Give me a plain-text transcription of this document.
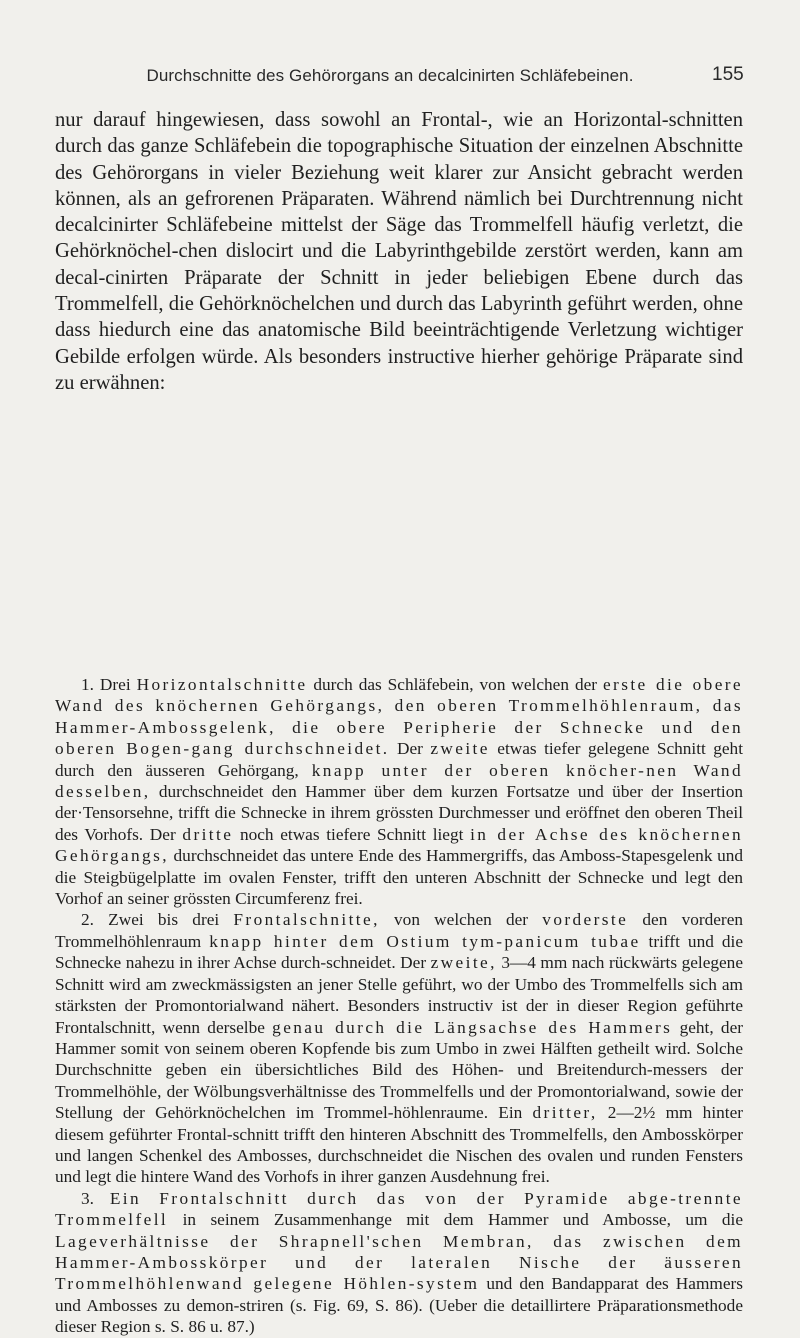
Durchschnitte des Gehörorgans an decalcinirten Schläfebeinen.	155

nur darauf hingewiesen, dass sowohl an Frontal-, wie an Horizontal-schnitten durch das ganze Schläfebein die topographische Situation der einzelnen Abschnitte des Gehörorgans in vieler Beziehung weit klarer zur Ansicht gebracht werden können, als an gefrorenen Präparaten. Während nämlich bei Durchtrennung nicht decalcinirter Schläfebeine mittelst der Säge das Trommelfell häufig verletzt, die Gehörknöchel-chen dislocirt und die Labyrinthgebilde zerstört werden, kann am decal-cinirten Präparate der Schnitt in jeder beliebigen Ebene durch das Trommelfell, die Gehörknöchelchen und durch das Labyrinth geführt werden, ohne dass hiedurch eine das anatomische Bild beeinträchtigende Verletzung wichtiger Gebilde erfolgen würde. Als besonders instructive hierher gehörige Präparate sind zu erwähnen:

1. Drei Horizontalschnitte durch das Schläfebein, von welchen der erste die obere Wand des knöchernen Gehörgangs, den oberen Trommelhöhlenraum, das Hammer-Ambossgelenk, die obere Peripherie der Schnecke und den oberen Bogen-gang durchschneidet. Der zweite etwas tiefer gelegene Schnitt geht durch den äusseren Gehörgang, knapp unter der oberen knöcher-nen Wand desselben, durchschneidet den Hammer über dem kurzen Fortsatze und über der Insertion der·Tensorsehne, trifft die Schnecke in ihrem grössten Durchmesser und eröffnet den oberen Theil des Vorhofs. Der dritte noch etwas tiefere Schnitt liegt in der Achse des knöchernen Gehörgangs, durchschneidet das untere Ende des Hammergriffs, das Amboss-Stapesgelenk und die Steigbügelplatte im ovalen Fenster, trifft den unteren Abschnitt der Schnecke und legt den Vorhof an seiner grössten Circumferenz frei.

2. Zwei bis drei Frontalschnitte, von welchen der vorderste den vorderen Trommelhöhlenraum knapp hinter dem Ostium tym-panicum tubae trifft und die Schnecke nahezu in ihrer Achse durch-schneidet. Der zweite, 3—4 mm nach rückwärts gelegene Schnitt wird am zweckmässigsten an jener Stelle geführt, wo der Umbo des Trommelfells sich am stärksten der Promontorialwand nähert. Besonders instructiv ist der in dieser Region geführte Frontalschnitt, wenn derselbe genau durch die Längsachse des Hammers geht, der Hammer somit von seinem oberen Kopfende bis zum Umbo in zwei Hälften getheilt wird. Solche Durchschnitte geben ein übersichtliches Bild des Höhen- und Breitendurch-messers der Trommelhöhle, der Wölbungsverhältnisse des Trommelfells und der Promontorialwand, sowie der Stellung der Gehörknöchelchen im Trommel-höhlenraume. Ein dritter, 2—2½ mm hinter diesem geführter Frontal-schnitt trifft den hinteren Abschnitt des Trommelfells, den Ambosskörper und langen Schenkel des Ambosses, durchschneidet die Nischen des ovalen und runden Fensters und legt die hintere Wand des Vorhofs in ihrer ganzen Ausdehnung frei.

3. Ein Frontalschnitt durch das von der Pyramide abge-trennte Trommelfell in seinem Zusammenhange mit dem Hammer und Ambosse, um die Lageverhältnisse der Shrapnell'schen Membran, das zwischen dem Hammer-Ambosskörper und der lateralen Nische der äusseren Trommelhöhlenwand gelegene Höhlen-system und den Bandapparat des Hammers und Ambosses zu demon-striren (s. Fig. 69, S. 86). (Ueber die detaillirtere Präparationsmethode dieser Region s. S. 86 u. 87.)
